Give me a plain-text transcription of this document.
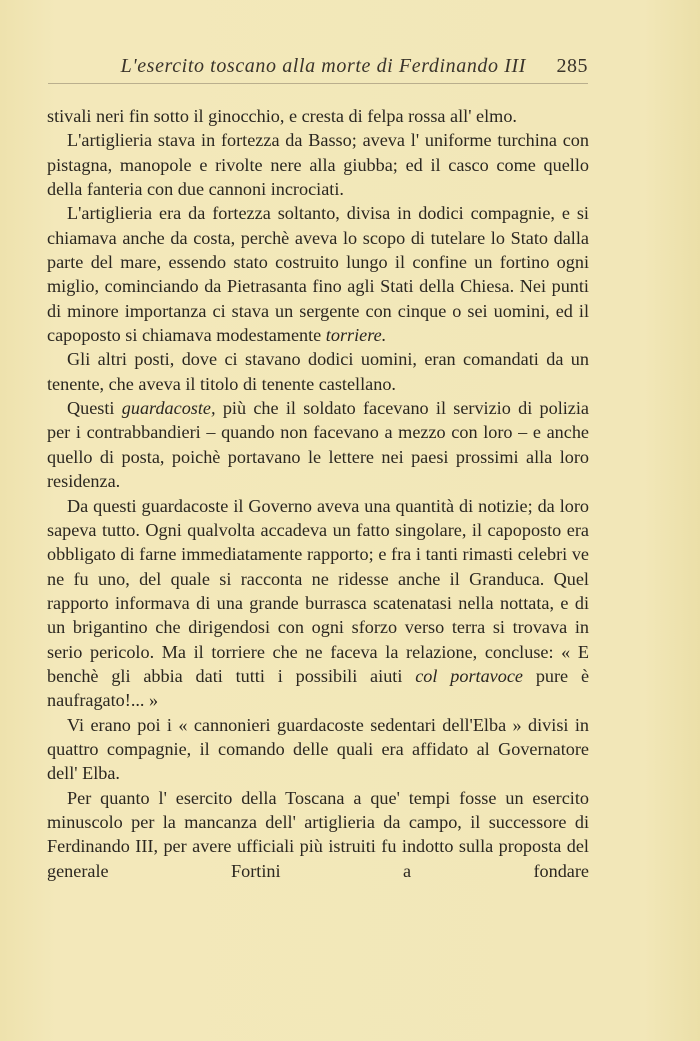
L'esercito toscano alla morte di Ferdinando III 285

stivali neri fin sotto il ginocchio, e cresta di felpa rossa all' elmo.

L'artiglieria stava in fortezza da Basso; aveva l' uniforme turchina con pistagna, manopole e rivolte nere alla giubba; ed il casco come quello della fanteria con due cannoni incrociati.

L'artiglieria era da fortezza soltanto, divisa in dodici compagnie, e si chiamava anche da costa, perchè aveva lo scopo di tutelare lo Stato dalla parte del mare, essendo stato costruito lungo il confine un fortino ogni miglio, cominciando da Pietrasanta fino agli Stati della Chiesa. Nei punti di minore importanza ci stava un sergente con cinque o sei uomini, ed il capoposto si chiamava modestamente torriere.

Gli altri posti, dove ci stavano dodici uomini, eran comandati da un tenente, che aveva il titolo di tenente castellano.

Questi guardacoste, più che il soldato facevano il servizio di polizia per i contrabbandieri – quando non facevano a mezzo con loro – e anche quello di posta, poichè portavano le lettere nei paesi prossimi alla loro residenza.

Da questi guardacoste il Governo aveva una quantità di notizie; da loro sapeva tutto. Ogni qualvolta accadeva un fatto singolare, il capoposto era obbligato di farne immediatamente rapporto; e fra i tanti rimasti celebri ve ne fu uno, del quale si racconta ne ridesse anche il Granduca. Quel rapporto informava di una grande burrasca scatenatasi nella nottata, e di un brigantino che dirigendosi con ogni sforzo verso terra si trovava in serio pericolo. Ma il torriere che ne faceva la relazione, concluse: « E benchè gli abbia dati tutti i possibili aiuti col portavoce pure è naufragato!... »

Vi erano poi i « cannonieri guardacoste sedentari dell'Elba » divisi in quattro compagnie, il comando delle quali era affidato al Governatore dell' Elba.

Per quanto l' esercito della Toscana a que' tempi fosse un esercito minuscolo per la mancanza dell' artiglieria da campo, il successore di Ferdinando III, per avere ufficiali più istruiti fu indotto sulla proposta del generale Fortini a fondare
